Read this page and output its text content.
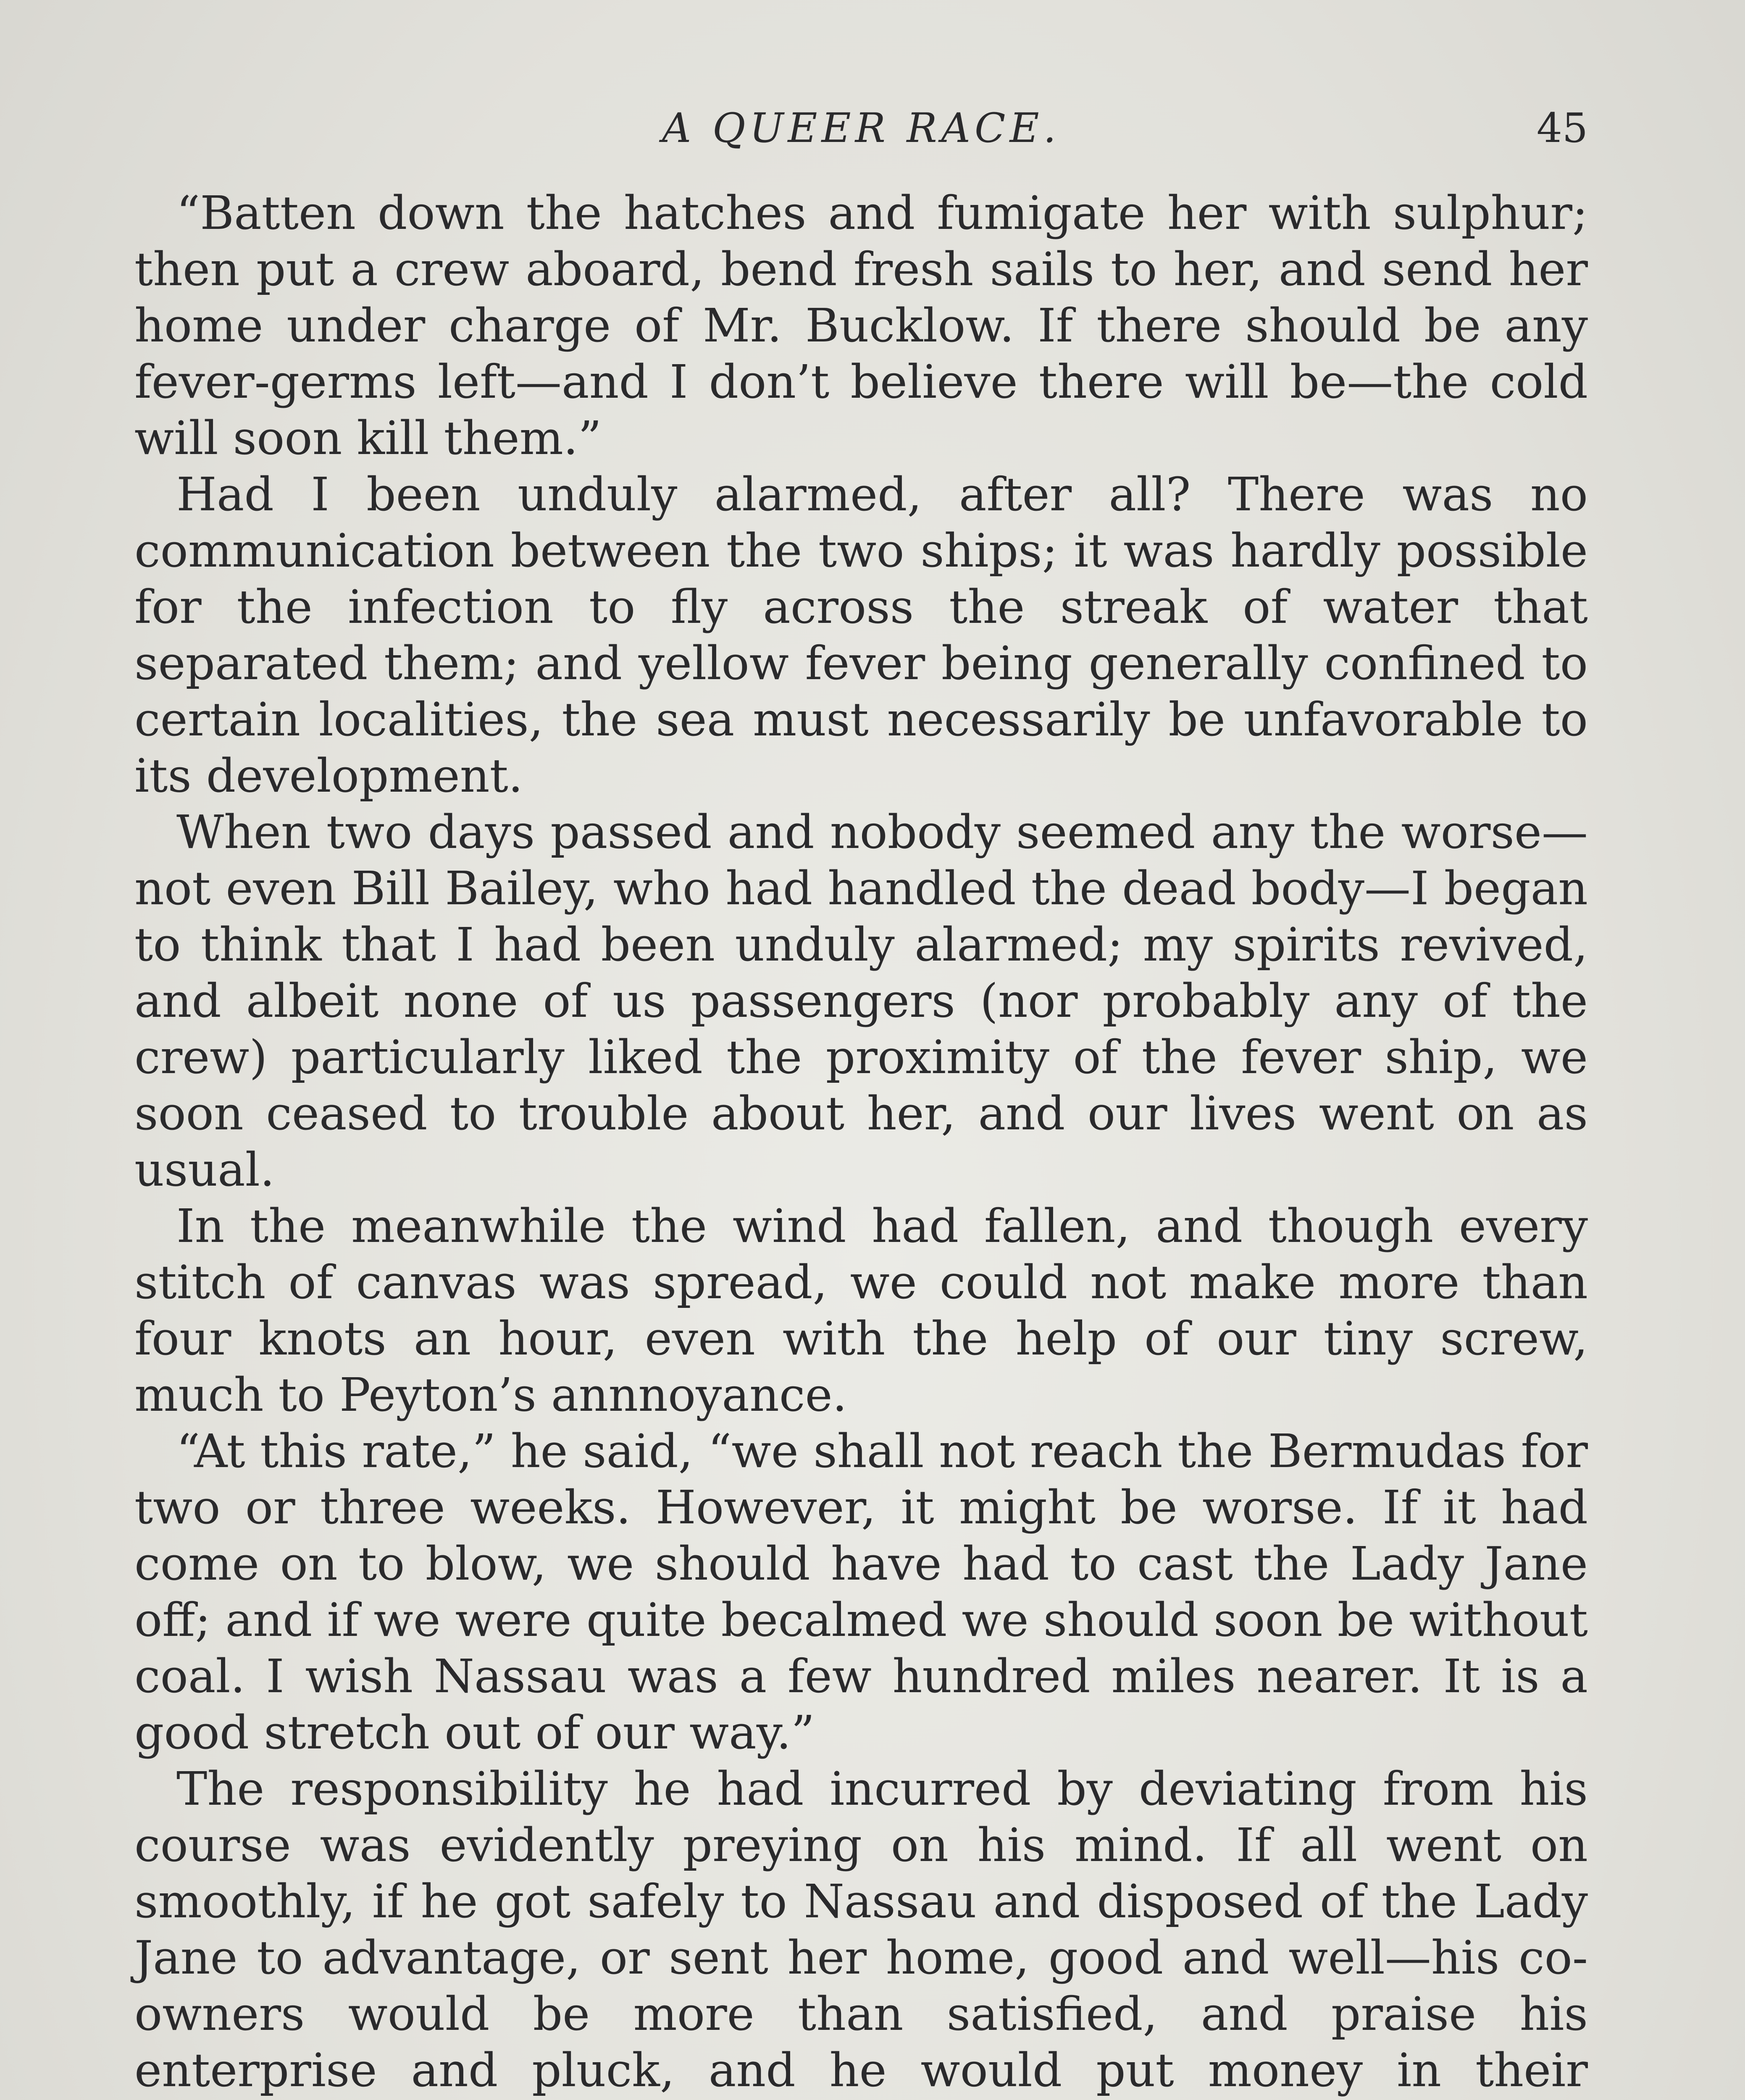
A QUEER RACE.	45

“Batten down the hatches and fumigate her with sulphur; then put a crew aboard, bend fresh sails to her, and send her home under charge of Mr. Bucklow. If there should be any fever-germs left—and I don’t believe there will be—the cold will soon kill them.”

Had I been unduly alarmed, after all? There was no communication between the two ships; it was hardly possible for the infection to fly across the streak of water that separated them; and yellow fever being generally confined to certain localities, the sea must necessarily be unfavorable to its development.

When two days passed and nobody seemed any the worse—not even Bill Bailey, who had handled the dead body—I began to think that I had been unduly alarmed; my spirits revived, and albeit none of us passengers (nor probably any of the crew) particularly liked the proximity of the fever ship, we soon ceased to trouble about her, and our lives went on as usual.

In the meanwhile the wind had fallen, and though every stitch of canvas was spread, we could not make more than four knots an hour, even with the help of our tiny screw, much to Peyton’s annnoyance.

“At this rate,” he said, “we shall not reach the Bermudas for two or three weeks. However, it might be worse. If it had come on to blow, we should have had to cast the Lady Jane off; and if we were quite becalmed we should soon be without coal. I wish Nassau was a few hundred miles nearer. It is a good stretch out of our way.”

The responsibility he had incurred by deviating from his course was evidently preying on his mind. If all went on smoothly, if he got safely to Nassau and disposed of the Lady Jane to advantage, or sent her home, good and well—his co-owners would be more than satisfied, and praise his enterprise and pluck, and he would put money in their
